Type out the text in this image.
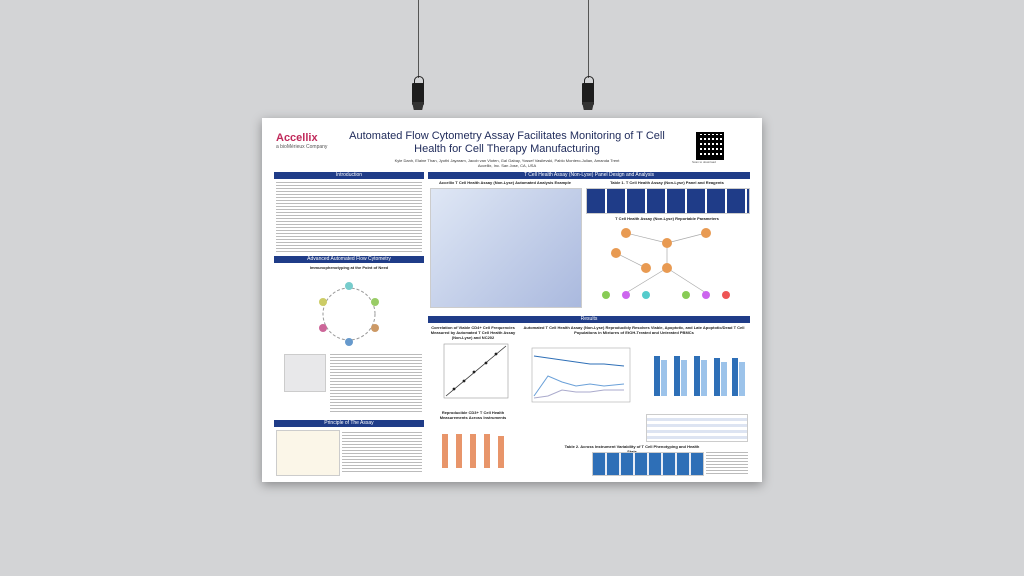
Accellix
a bioMérieux Company
Automated Flow Cytometry Assay Facilitates Monitoring of T Cell Health for Cell Therapy Manufacturing
Kyle Danh, Elaine Than, Jyothi Jayaram, Jacob van Vloten, Gal Gabay, Yossef Vasilevski, Pablo Montero-Julian, Amanda Trent
Accellix, Inc. San Jose, CA, USA
Scan to download
Introduction
Advanced Automated Flow Cytometry
Immunophenotyping at the Point of Need
Principle of The Assay
T Cell Health Assay (Non-Lyse) Panel Design and Analysis
Accellix T Cell Health Assay (Non-Lyse) Automated Analysis Example	Table 1. T Cell Health Assay (Non-Lyse) Panel and Reagents
T Cell Health Assay (Non-Lyse) Reportable Parameters
Results
Correlation of Viable CD4+ Cell Frequencies Measured by Automated T Cell Health Assay (Non-Lyse) and NC202
Reproducible CD3+ T Cell Health Measurements Across Instruments
Automated T Cell Health Assay (Non-Lyse) Reproducibly Resolves Viable, Apoptotic, and Late Apoptotic/Dead T Cell Populations in Mixtures of EtOH-Treated and Untreated PBMCs
Table 2. Across Instrument Variability of T Cell Phenotyping and Health
